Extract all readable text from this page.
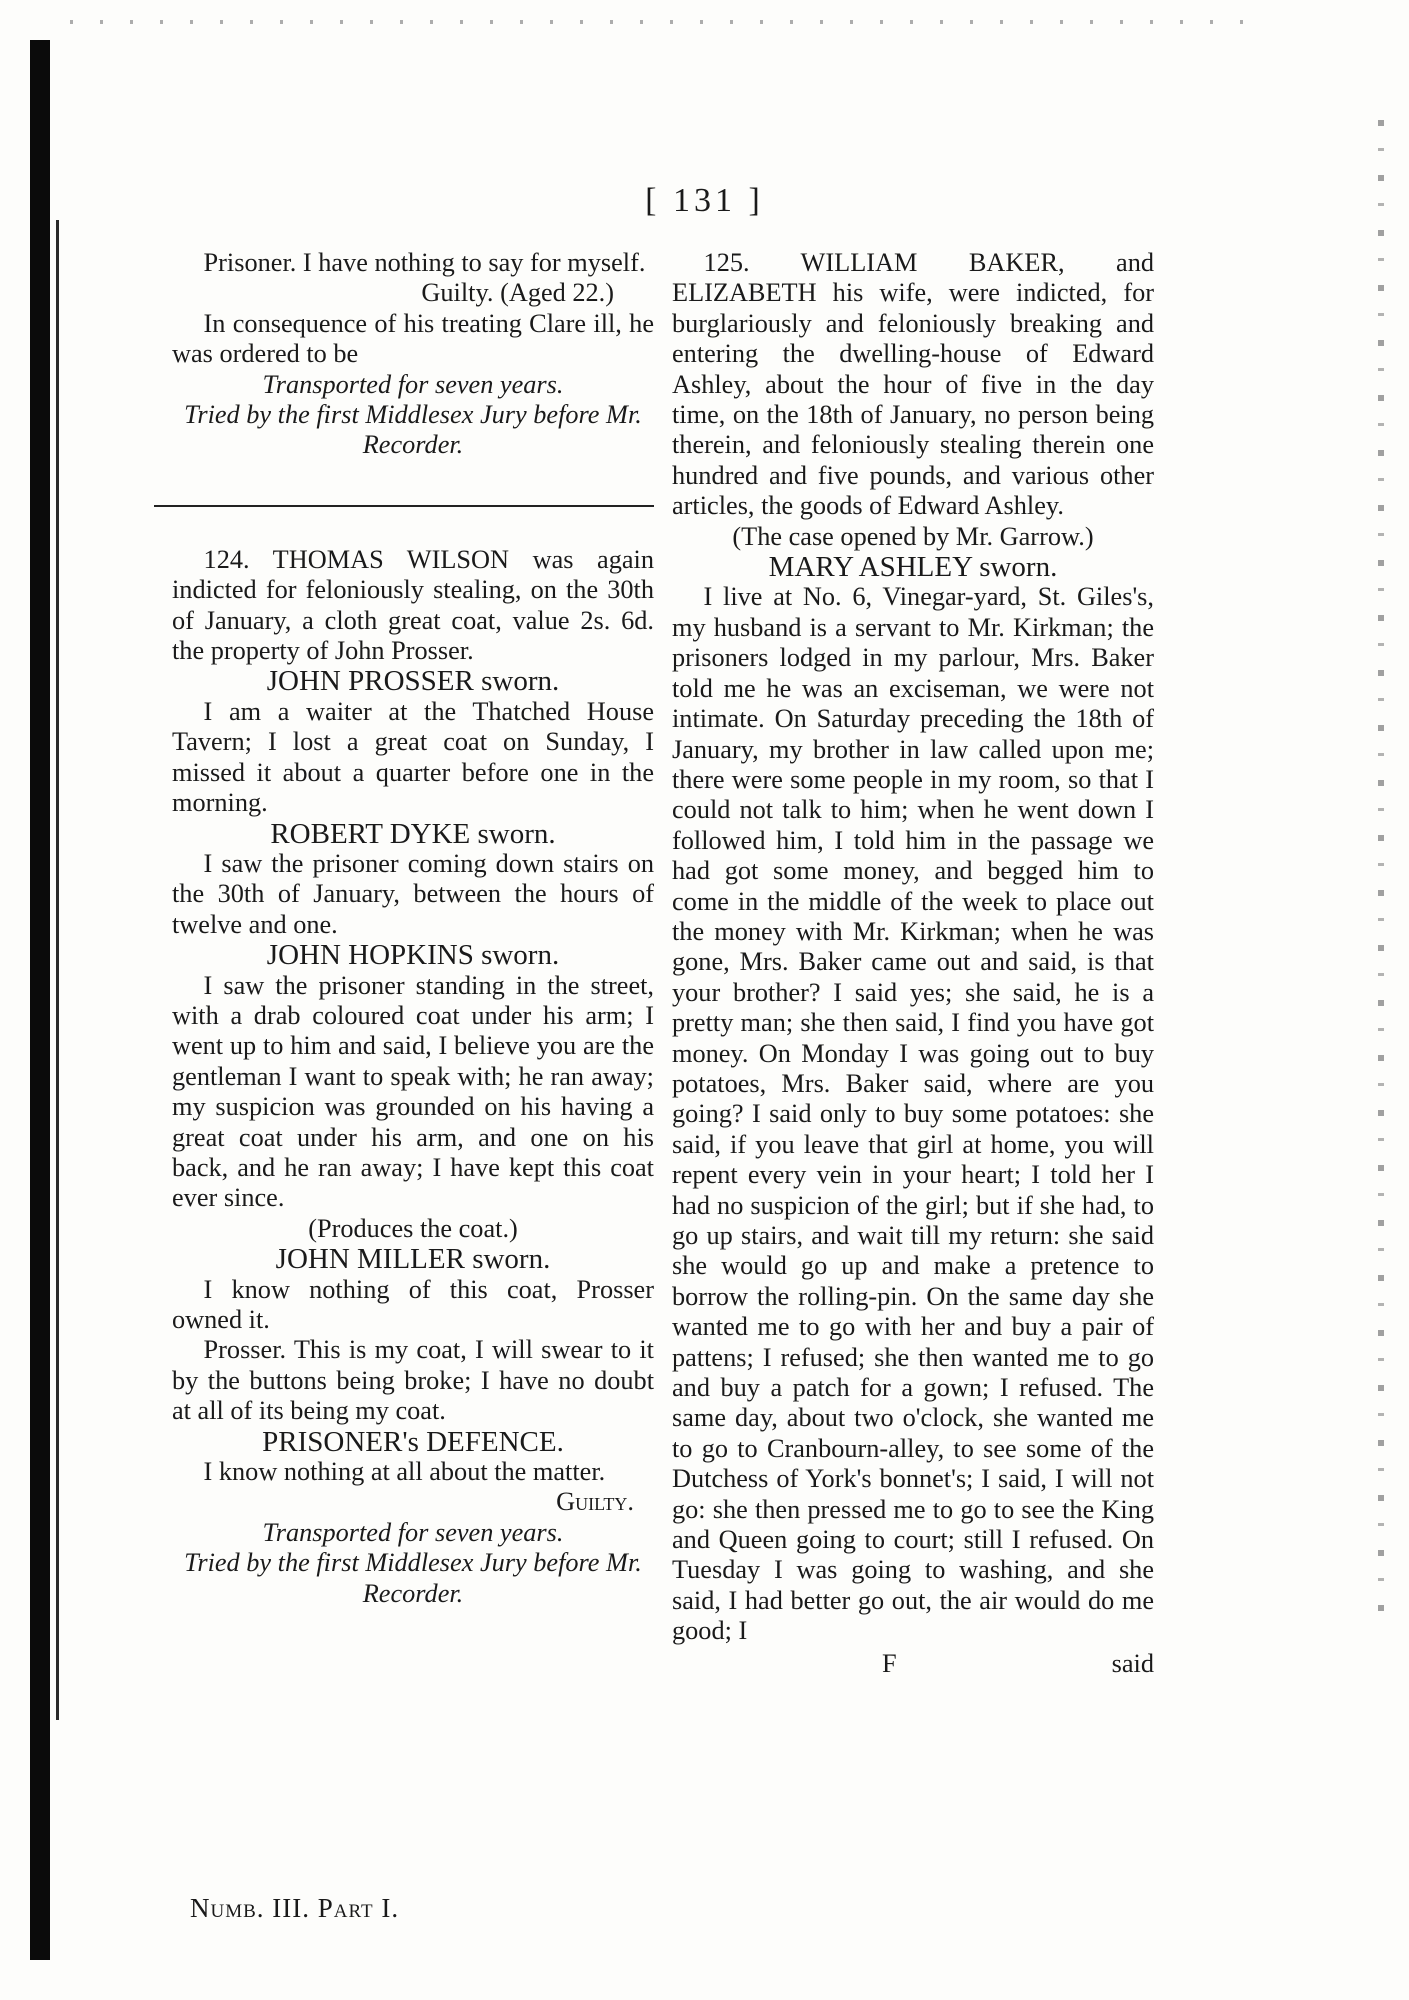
[ 131 ]

Prisoner. I have nothing to say for myself.

Guilty. (Aged 22.)

In consequence of his treating Clare ill, he was ordered to be

Transported for seven years.

Tried by the first Middlesex Jury before Mr. Recorder.

124. THOMAS WILSON was again indicted for feloniously stealing, on the 30th of January, a cloth great coat, value 2s. 6d. the property of John Prosser.

JOHN PROSSER sworn.

I am a waiter at the Thatched House Tavern; I lost a great coat on Sunday, I missed it about a quarter before one in the morning.

ROBERT DYKE sworn.

I saw the prisoner coming down stairs on the 30th of January, between the hours of twelve and one.

JOHN HOPKINS sworn.

I saw the prisoner standing in the street, with a drab coloured coat under his arm; I went up to him and said, I believe you are the gentleman I want to speak with; he ran away; my suspicion was grounded on his having a great coat under his arm, and one on his back, and he ran away; I have kept this coat ever since.

(Produces the coat.)

JOHN MILLER sworn.

I know nothing of this coat, Prosser owned it.

Prosser. This is my coat, I will swear to it by the buttons being broke; I have no doubt at all of its being my coat.

PRISONER's DEFENCE.

I know nothing at all about the matter.

Guilty.

Transported for seven years.

Tried by the first Middlesex Jury before Mr. Recorder.

125. WILLIAM BAKER, and ELIZABETH his wife, were indicted, for burglariously and feloniously breaking and entering the dwelling-house of Edward Ashley, about the hour of five in the day time, on the 18th of January, no person being therein, and feloniously stealing therein one hundred and five pounds, and various other articles, the goods of Edward Ashley.

(The case opened by Mr. Garrow.)

MARY ASHLEY sworn.

I live at No. 6, Vinegar-yard, St. Giles's, my husband is a servant to Mr. Kirkman; the prisoners lodged in my parlour, Mrs. Baker told me he was an exciseman, we were not intimate. On Saturday preceding the 18th of January, my brother in law called upon me; there were some people in my room, so that I could not talk to him; when he went down I followed him, I told him in the passage we had got some money, and begged him to come in the middle of the week to place out the money with Mr. Kirkman; when he was gone, Mrs. Baker came out and said, is that your brother? I said yes; she said, he is a pretty man; she then said, I find you have got money. On Monday I was going out to buy potatoes, Mrs. Baker said, where are you going? I said only to buy some potatoes: she said, if you leave that girl at home, you will repent every vein in your heart; I told her I had no suspicion of the girl; but if she had, to go up stairs, and wait till my return: she said she would go up and make a pretence to borrow the rolling-pin. On the same day she wanted me to go with her and buy a pair of pattens; I refused; she then wanted me to go and buy a patch for a gown; I refused. The same day, about two o'clock, she wanted me to go to Cranbourn-alley, to see some of the Dutchess of York's bonnet's; I said, I will not go: she then pressed me to go to see the King and Queen going to court; still I refused. On Tuesday I was going to washing, and she said, I had better go out, the air would do me good; I

F	said
Numb. III. Part I.
